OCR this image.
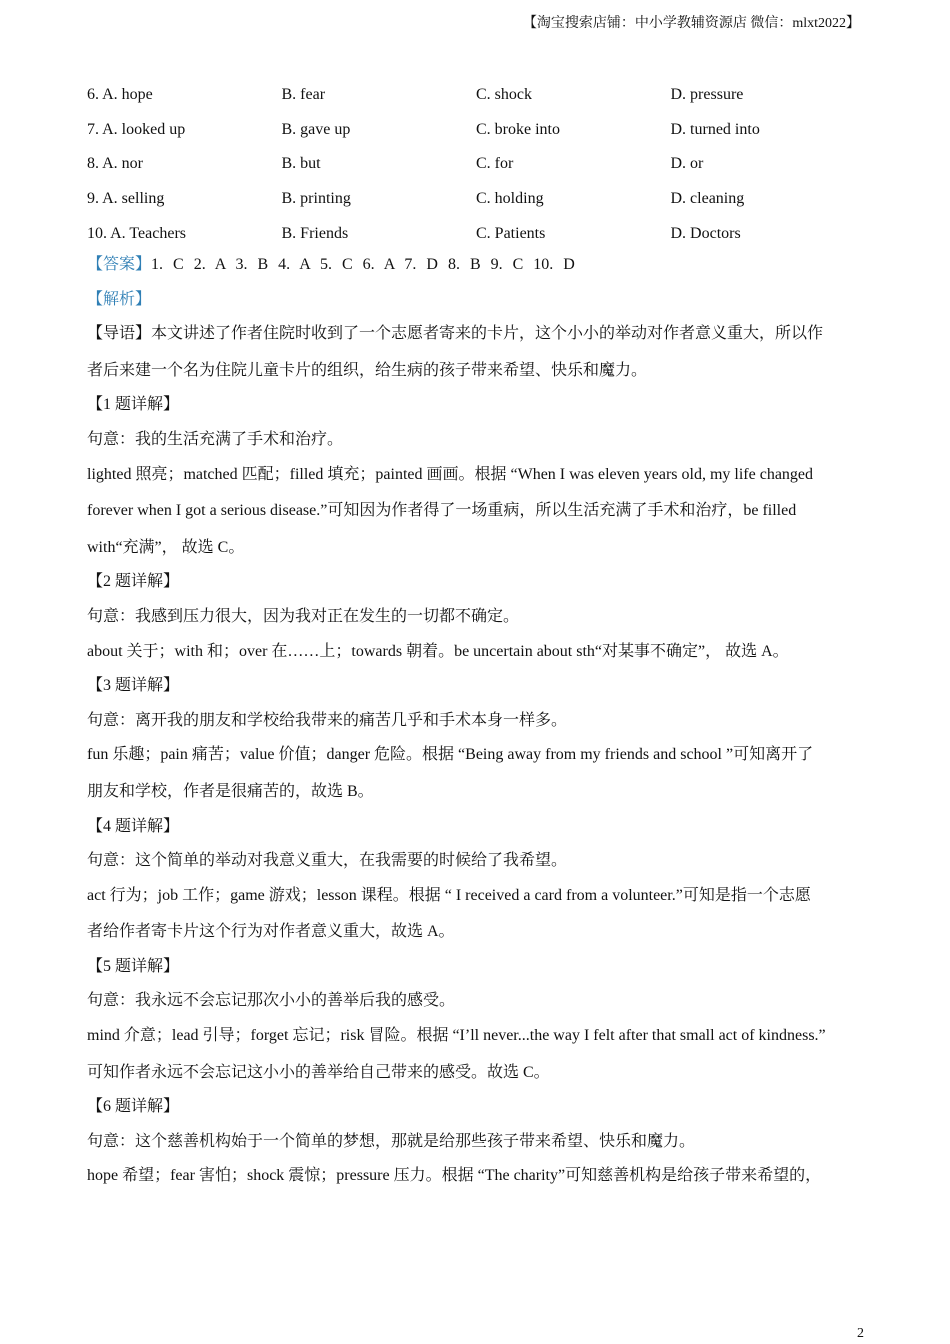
【淘宝搜索店铺：中小学教辅资源店 微信：mlxt2022】
6. A. hope	B. fear	C. shock	D. pressure
7. A. looked up	B. gave up	C. broke into	D. turned into
8. A. nor	B. but	C. for	D. or
9. A. selling	B. printing	C. holding	D. cleaning
10. A. Teachers	B. Friends	C. Patients	D. Doctors
【答案】1. C 2. A 3. B 4. A 5. C 6. A 7. D 8. B 9. C 10. D
【解析】
【导语】本文讲述了作者住院时收到了一个志愿者寄来的卡片，这个小小的举动对作者意义重大，所以作
者后来建一个名为住院儿童卡片的组织，给生病的孩子带来希望、快乐和魔力。
【1 题详解】
句意：我的生活充满了手术和治疗。
lighted 照亮；matched 匹配；filled 填充；painted 画画。根据 “When I was eleven years old, my life changed
forever when I got a serious disease.”可知因为作者得了一场重病，所以生活充满了手术和治疗，be filled
with“充满”， 故选 C。
【2 题详解】
句意：我感到压力很大，因为我对正在发生的一切都不确定。
about 关于；with 和；over 在……上；towards 朝着。be uncertain about sth“对某事不确定”， 故选 A。
【3 题详解】
句意：离开我的朋友和学校给我带来的痛苦几乎和手术本身一样多。
fun 乐趣；pain 痛苦；value 价值；danger 危险。根据 “Being away from my friends and school ”可知离开了
朋友和学校，作者是很痛苦的，故选 B。
【4 题详解】
句意：这个简单的举动对我意义重大，在我需要的时候给了我希望。
act 行为；job 工作；game 游戏；lesson 课程。根据 “ I received a card from a volunteer.”可知是指一个志愿
者给作者寄卡片这个行为对作者意义重大，故选 A。
【5 题详解】
句意：我永远不会忘记那次小小的善举后我的感受。
mind 介意；lead 引导；forget 忘记；risk 冒险。根据 “I’ll never...the way I felt after that small act of kindness.”
可知作者永远不会忘记这小小的善举给自己带来的感受。故选 C。
【6 题详解】
句意：这个慈善机构始于一个简单的梦想，那就是给那些孩子带来希望、快乐和魔力。
hope 希望；fear 害怕；shock 震惊；pressure 压力。根据 “The charity”可知慈善机构是给孩子带来希望的，
2
